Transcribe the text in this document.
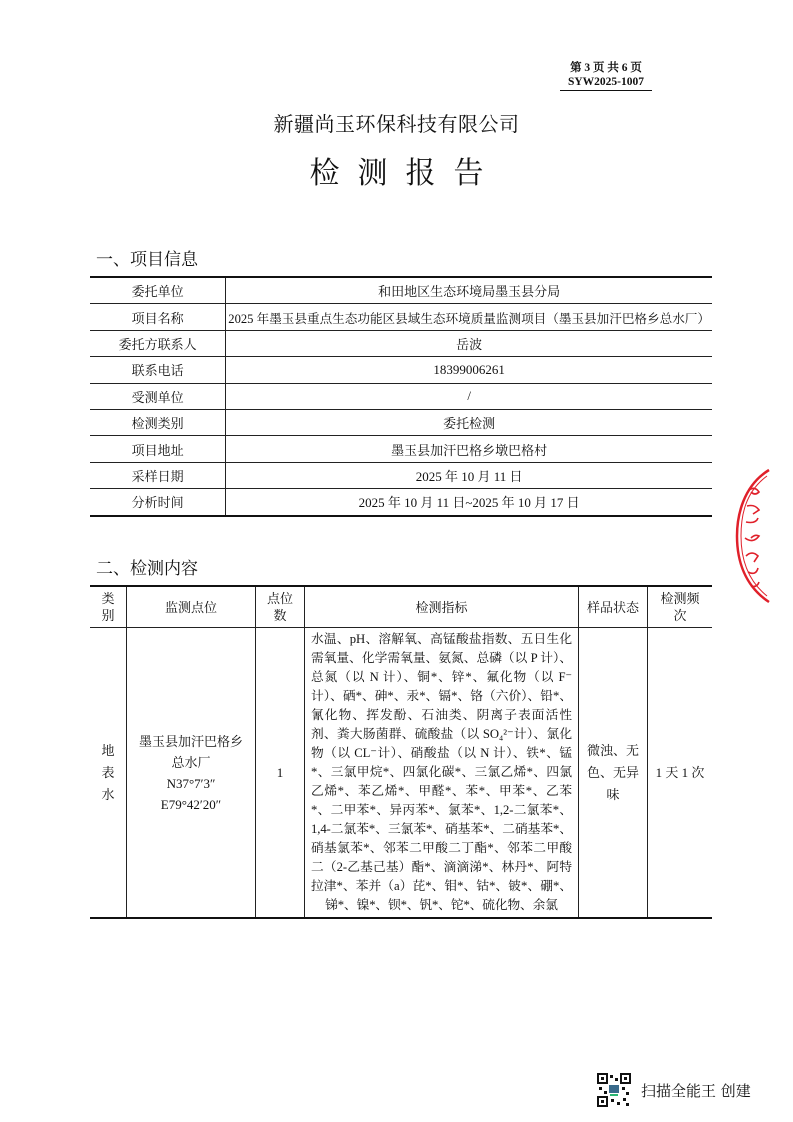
第 3 页 共 6 页
SYW2025-1007
新疆尚玉环保科技有限公司
检测报告
一、项目信息
委托单位	和田地区生态环境局墨玉县分局
项目名称	2025 年墨玉县重点生态功能区县域生态环境质量监测项目（墨玉县加汗巴格乡总水厂）
委托方联系人	岳波
联系电话	18399006261
受测单位	/
检测类别	委托检测
项目地址	墨玉县加汗巴格乡墩巴格村
采样日期	2025 年 10 月 11 日
分析时间	2025 年 10 月 11 日~2025 年 10 月 17 日
二、检测内容
类
别	监测点位	点位
数	检测指标	样品状态	检测频
次
地
表
水	
墨玉县加汗巴格乡总水厂
N37°7′3″
E79°42′20″
	1	水温、pH、溶解氧、高锰酸盐指数、五日生化需氧量、化学需氧量、氨氮、总磷（以 P 计）、总氮（以 N 计）、铜*、锌*、氟化物（以 F⁻计）、硒*、砷*、汞*、镉*、铬（六价）、铅*、氰化物、挥发酚、石油类、阴离子表面活性剂、粪大肠菌群、硫酸盐（以 SO₄²⁻计）、氯化物（以 CL⁻计）、硝酸盐（以 N 计）、铁*、锰*、三氯甲烷*、四氯化碳*、三氯乙烯*、四氯乙烯*、苯乙烯*、甲醛*、苯*、甲苯*、乙苯*、二甲苯*、异丙苯*、氯苯*、1,2-二氯苯*、1,4-二氯苯*、三氯苯*、硝基苯*、二硝基苯*、硝基氯苯*、邻苯二甲酸二丁酯*、邻苯二甲酸二（2-乙基己基）酯*、滴滴涕*、林丹*、阿特拉津*、苯并（a）芘*、钼*、钴*、铍*、硼*、锑*、镍*、钡*、钒*、铊*、硫化物、余氯	微浊、无色、无异味	1 天 1 次
扫描全能王 创建
